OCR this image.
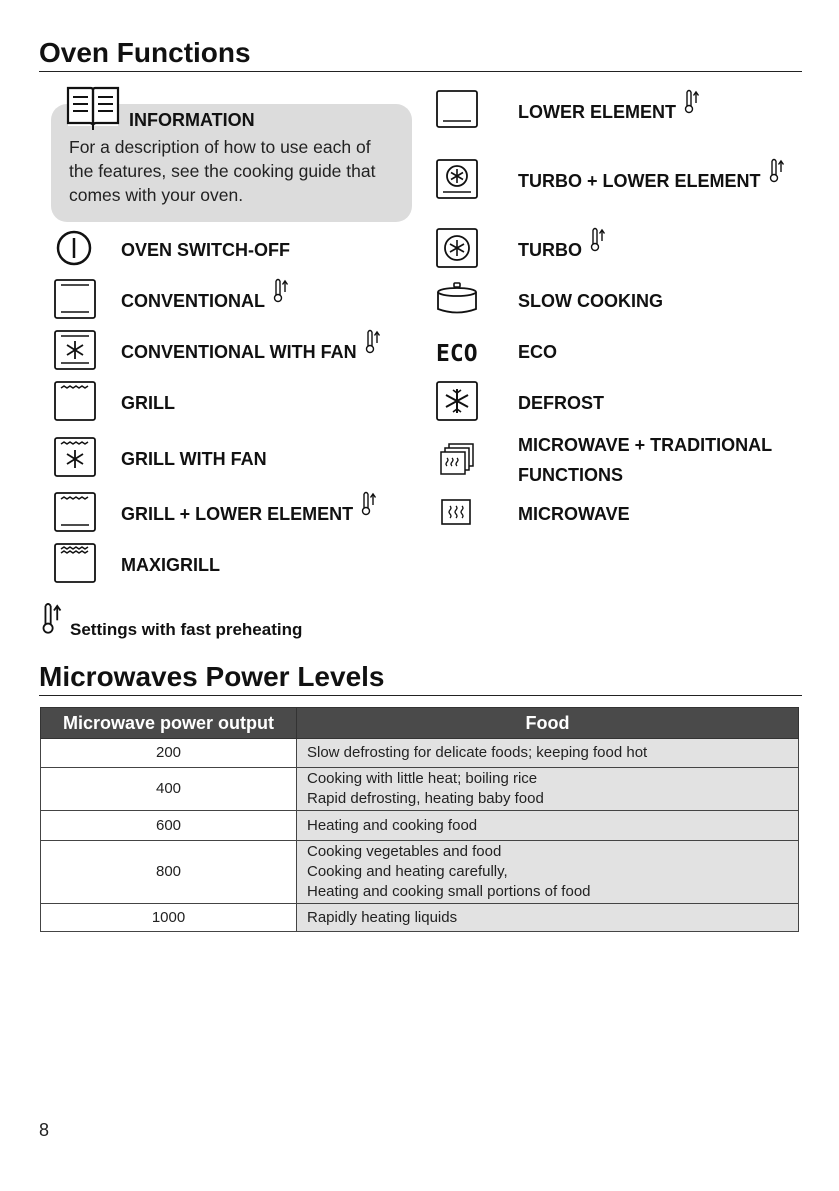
Oven Functions
INFORMATION
For a description of how to use each of the features, see the cooking guide that comes with your oven.
OVEN SWITCH-OFF
CONVENTIONAL
CONVENTIONAL WITH FAN
GRILL
GRILL WITH FAN
GRILL + LOWER ELEMENT
MAXIGRILL
LOWER ELEMENT
TURBO + LOWER ELEMENT
TURBO
SLOW COOKING
ECO ECO
DEFROST
MICROWAVE + TRADITIONAL FUNCTIONS
MICROWAVE
Settings with fast preheating
Microwaves Power Levels
Microwave power output	Food
200	Slow defrosting for delicate foods; keeping food hot

400	Cooking with little heat; boiling rice
Rapid defrosting, heating baby food

600	Heating and cooking food

800	Cooking vegetables and food
Cooking and heating carefully,
Heating and cooking small portions of food

1000	Rapidly heating liquids
8
